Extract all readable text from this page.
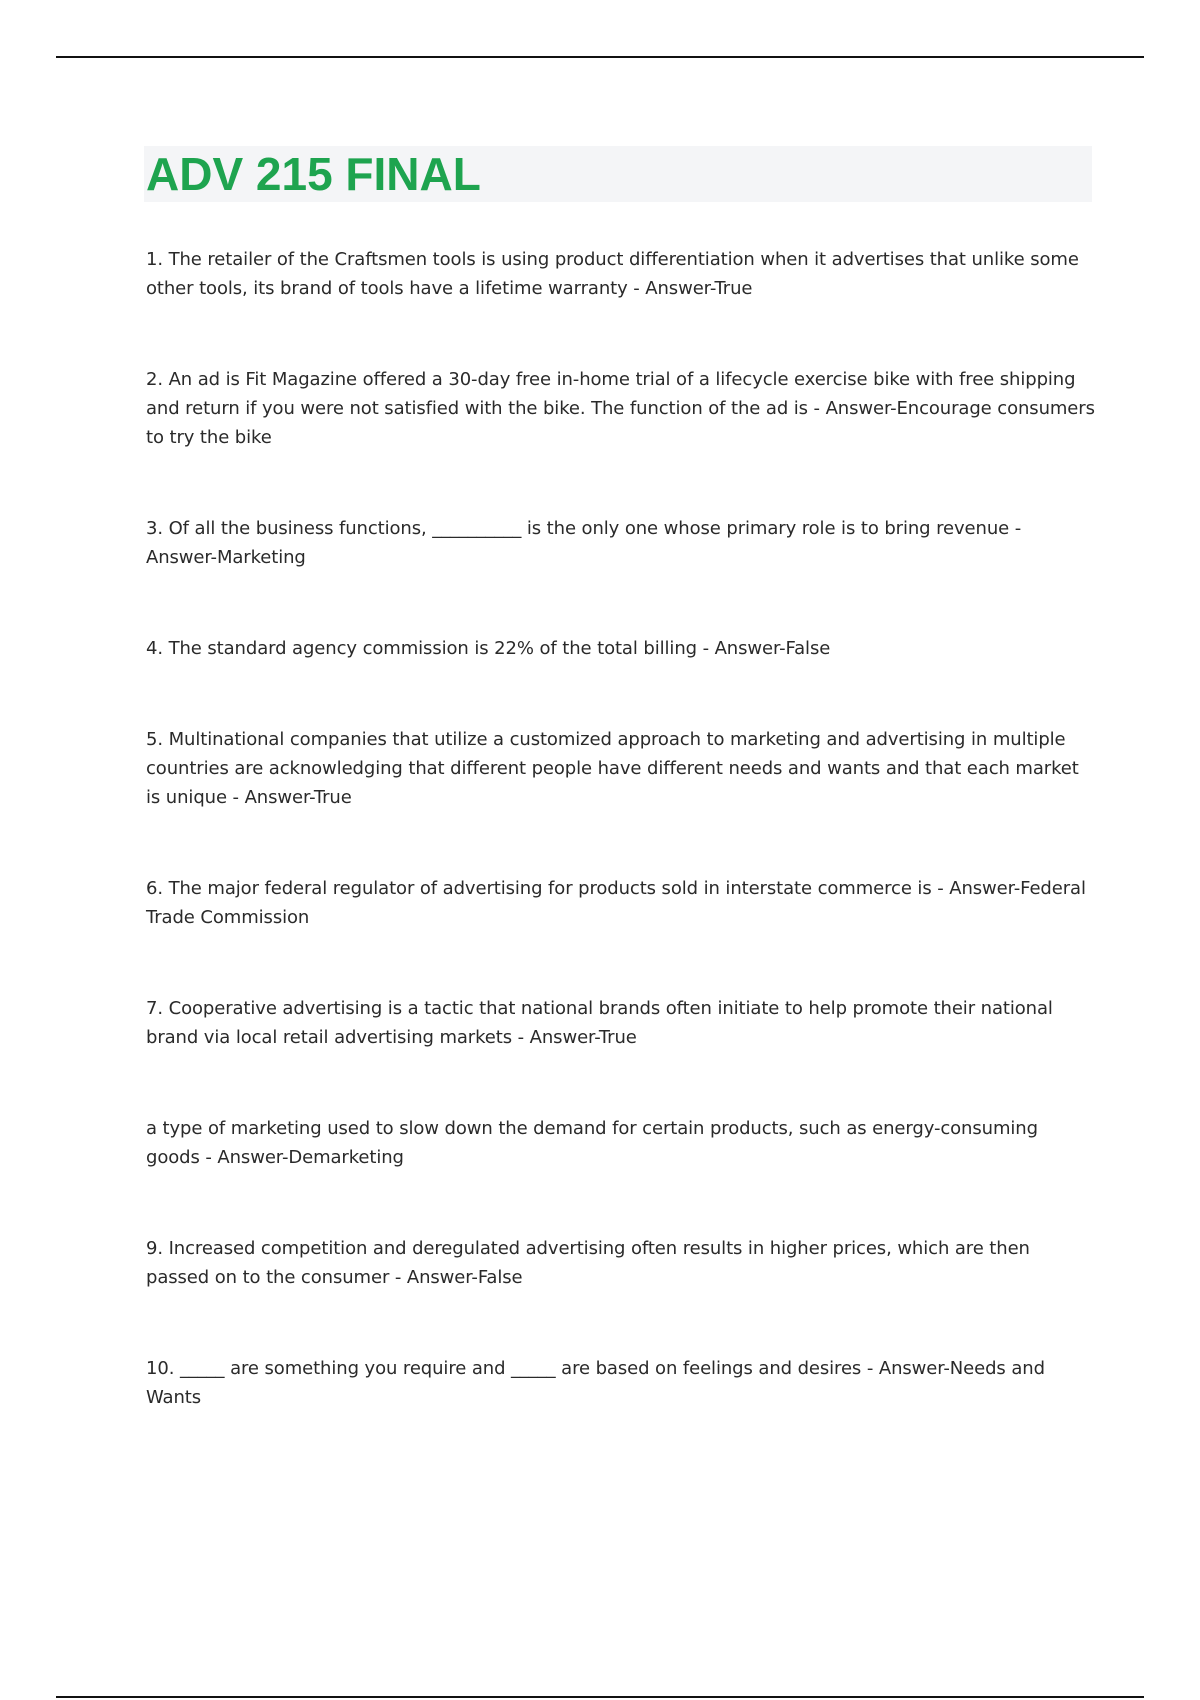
ADV 215 FINAL

1. The retailer of the Craftsmen tools is using product differentiation when it advertises that unlike some other tools, its brand of tools have a lifetime warranty - Answer-True

2. An ad is Fit Magazine offered a 30-day free in-home trial of a lifecycle exercise bike with free shipping and return if you were not satisfied with the bike. The function of the ad is - Answer-Encourage consumers to try the bike

3. Of all the business functions, __________ is the only one whose primary role is to bring revenue - Answer-Marketing

4. The standard agency commission is 22% of the total billing - Answer-False

5. Multinational companies that utilize a customized approach to marketing and advertising in multiple countries are acknowledging that different people have different needs and wants and that each market is unique - Answer-True

6. The major federal regulator of advertising for products sold in interstate commerce is - Answer-Federal Trade Commission

7. Cooperative advertising is a tactic that national brands often initiate to help promote their national brand via local retail advertising markets - Answer-True

a type of marketing used to slow down the demand for certain products, such as energy-consuming goods - Answer-Demarketing

9. Increased competition and deregulated advertising often results in higher prices, which are then passed on to the consumer - Answer-False

10. _____ are something you require and _____ are based on feelings and desires - Answer-Needs and Wants
